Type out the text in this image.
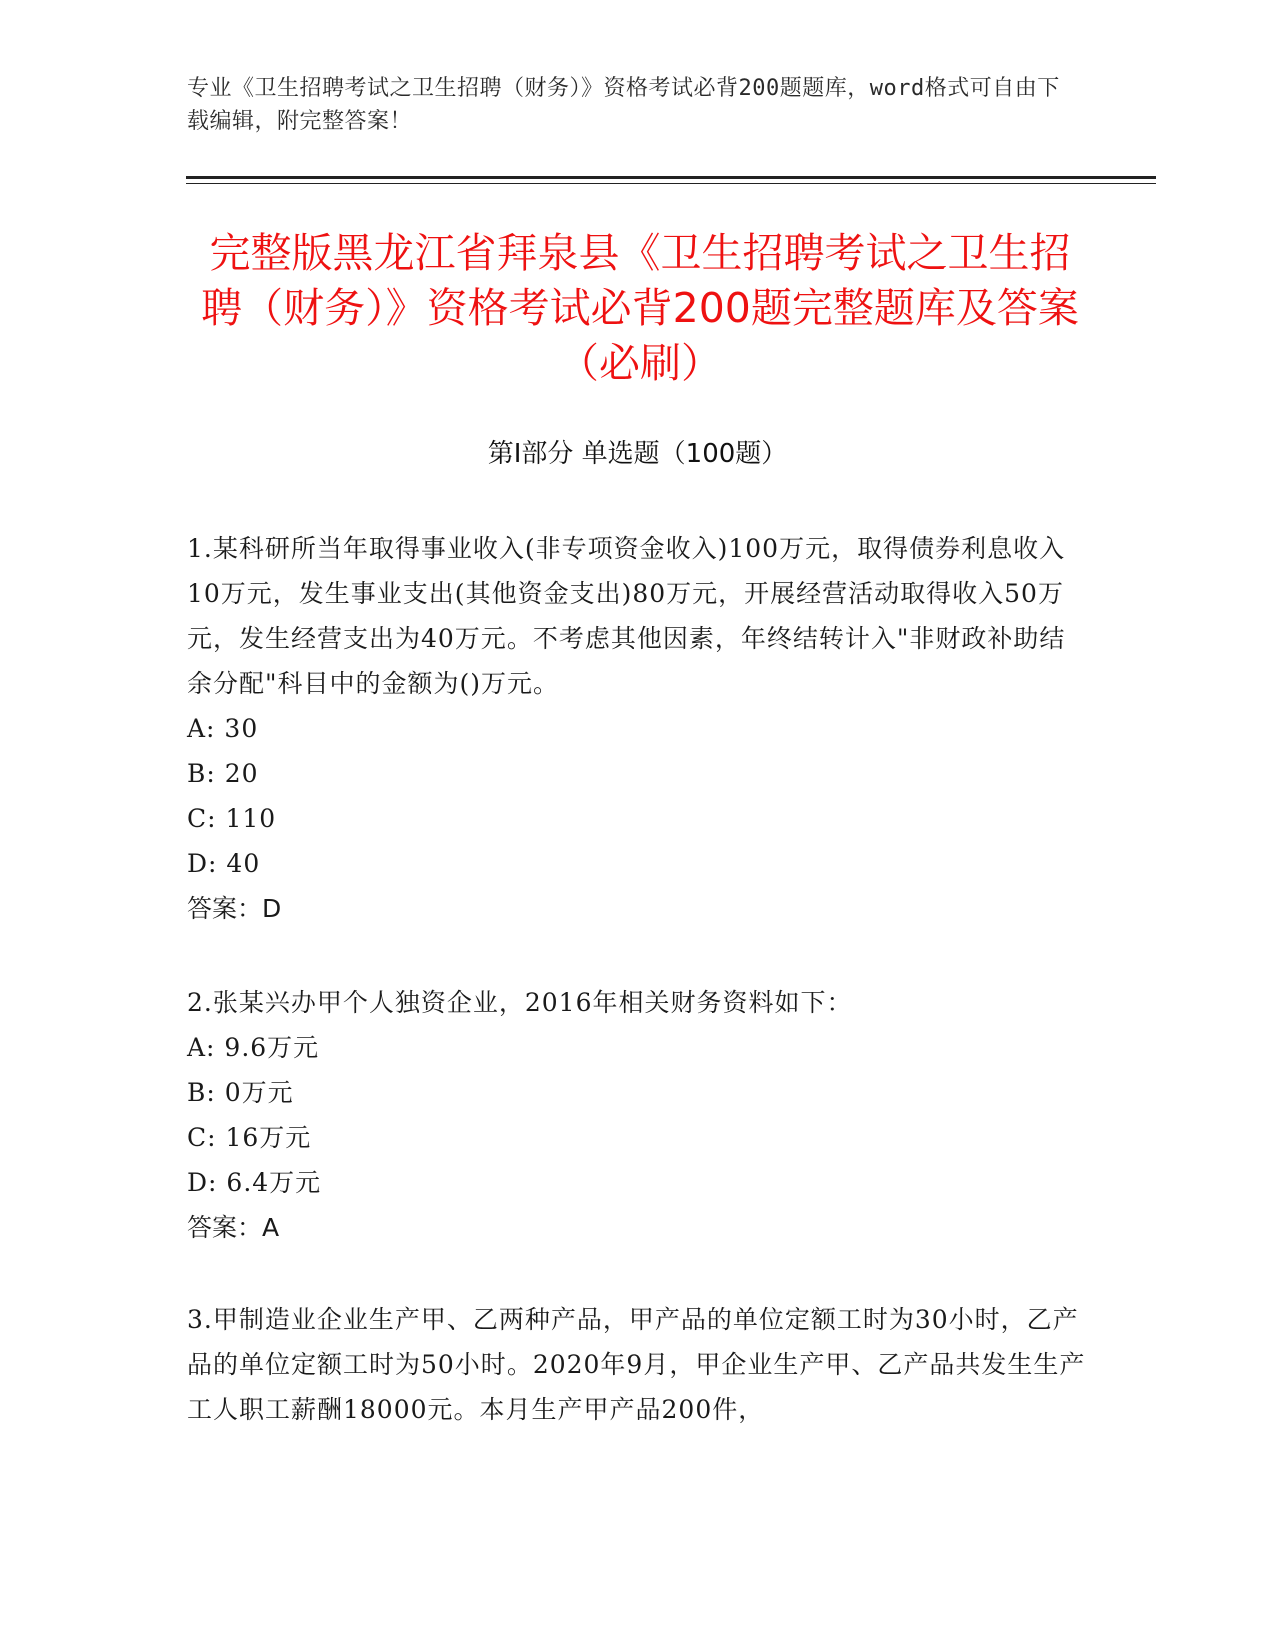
专业《卫生招聘考试之卫生招聘（财务）》资格考试必背200题题库，word格式可自由下载编辑，附完整答案！
完整版黑龙江省拜泉县《卫生招聘考试之卫生招聘（财务）》资格考试必背200题完整题库及答案（必刷）
第I部分 单选题（100题）

1.某科研所当年取得事业收入(非专项资金收入)100万元，取得债券利息收入10万元，发生事业支出(其他资金支出)80万元，开展经营活动取得收入50万元，发生经营支出为40万元。不考虑其他因素，年终结转计入"非财政补助结余分配"科目中的金额为()万元。

A: 30

B: 20

C: 110

D: 40

答案：D

2.张某兴办甲个人独资企业，2016年相关财务资料如下：

A: 9.6万元

B: 0万元

C: 16万元

D: 6.4万元

答案：A

3.甲制造业企业生产甲、乙两种产品，甲产品的单位定额工时为30小时，乙产品的单位定额工时为50小时。2020年9月，甲企业生产甲、乙产品共发生生产工人职工薪酬18000元。本月生产甲产品200件，
